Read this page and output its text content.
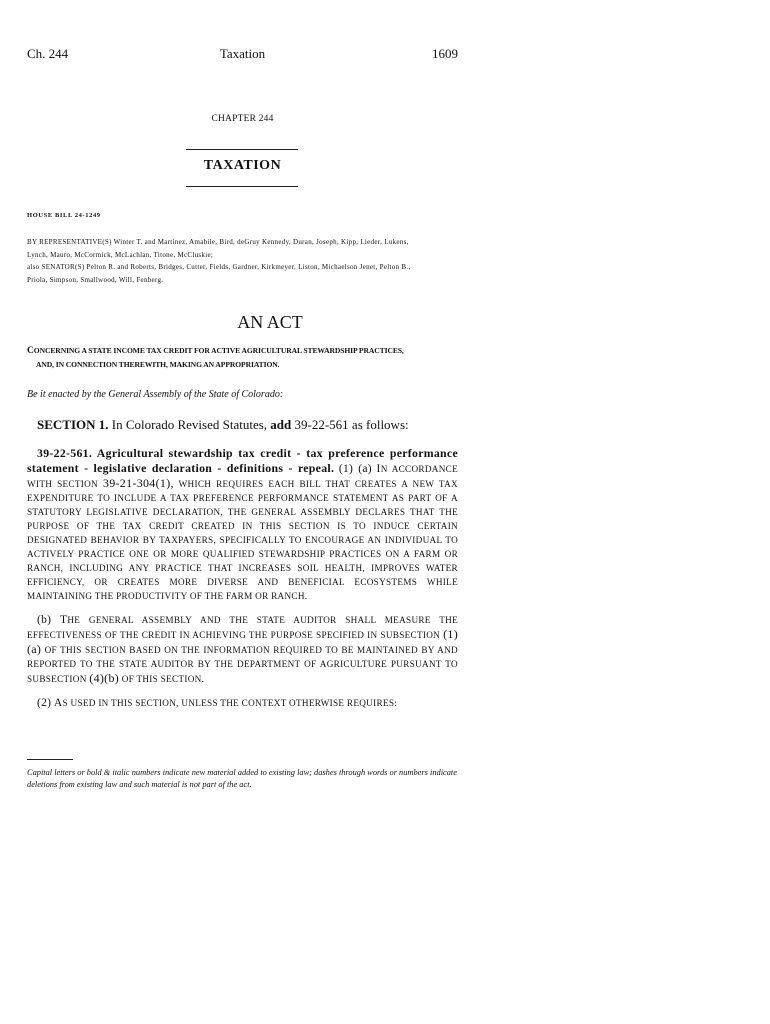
Ch. 244	Taxation	1609
CHAPTER 244
TAXATION
HOUSE BILL 24-1249
BY REPRESENTATIVE(S) Winter T. and Martinez, Amabile, Bird, deGruy Kennedy, Duran, Joseph, Kipp, Lieder, Lukens,
Lynch, Mauro, McCormick, McLachlan, Titone, McCluskie;
also SENATOR(S) Pelton R. and Roberts, Bridges, Cutter, Fields, Gardner, Kirkmeyer, Liston, Michaelson Jenet, Pelton B.,
Priola, Simpson, Smallwood, Will, Fenberg.
AN ACT
CONCERNING A STATE INCOME TAX CREDIT FOR ACTIVE AGRICULTURAL STEWARDSHIP PRACTICES,
AND, IN CONNECTION THEREWITH, MAKING AN APPROPRIATION.
Be it enacted by the General Assembly of the State of Colorado:
SECTION 1. In Colorado Revised Statutes, add 39-22-561 as follows:
39-22-561. Agricultural stewardship tax credit - tax preference performance statement - legislative declaration - definitions - repeal. (1) (a) IN ACCORDANCE WITH SECTION 39-21-304(1), WHICH REQUIRES EACH BILL THAT CREATES A NEW TAX EXPENDITURE TO INCLUDE A TAX PREFERENCE PERFORMANCE STATEMENT AS PART OF A STATUTORY LEGISLATIVE DECLARATION, THE GENERAL ASSEMBLY DECLARES THAT THE PURPOSE OF THE TAX CREDIT CREATED IN THIS SECTION IS TO INDUCE CERTAIN DESIGNATED BEHAVIOR BY TAXPAYERS, SPECIFICALLY TO ENCOURAGE AN INDIVIDUAL TO ACTIVELY PRACTICE ONE OR MORE QUALIFIED STEWARDSHIP PRACTICES ON A FARM OR RANCH, INCLUDING ANY PRACTICE THAT INCREASES SOIL HEALTH, IMPROVES WATER EFFICIENCY, OR CREATES MORE DIVERSE AND BENEFICIAL ECOSYSTEMS WHILE MAINTAINING THE PRODUCTIVITY OF THE FARM OR RANCH.
(b) THE GENERAL ASSEMBLY AND THE STATE AUDITOR SHALL MEASURE THE EFFECTIVENESS OF THE CREDIT IN ACHIEVING THE PURPOSE SPECIFIED IN SUBSECTION (1)(a) OF THIS SECTION BASED ON THE INFORMATION REQUIRED TO BE MAINTAINED BY AND REPORTED TO THE STATE AUDITOR BY THE DEPARTMENT OF AGRICULTURE PURSUANT TO SUBSECTION (4)(b) OF THIS SECTION.
(2) AS USED IN THIS SECTION, UNLESS THE CONTEXT OTHERWISE REQUIRES:
Capital letters or bold & italic numbers indicate new material added to existing law; dashes through words or numbers indicate deletions from existing law and such material is not part of the act.
